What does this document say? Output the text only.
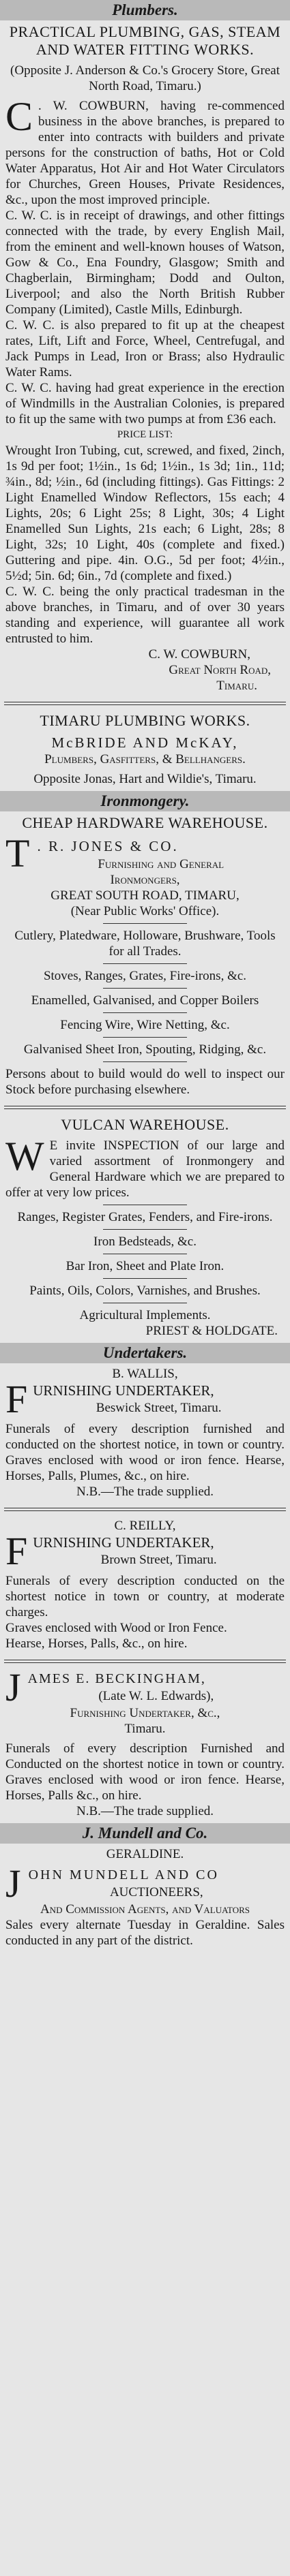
Plumbers.
PRACTICAL PLUMBING, GAS, STEAM AND WATER FITTING WORKS.

(Opposite J. Anderson & Co.'s Grocery Store, Great North Road, Timaru.)

C . W. COWBURN, having re-commenced business in the above branches, is prepared to enter into contracts with builders and private persons for the construction of baths, Hot or Cold Water Apparatus, Hot Air and Hot Water Circulators for Churches, Green Houses, Private Residences, &c., upon the most improved principle.

C. W. C. is in receipt of drawings, and other fittings connected with the trade, by every English Mail, from the eminent and well-known houses of Watson, Gow & Co., Ena Foundry, Glasgow; Smith and Chagberlain, Birmingham; Dodd and Oulton, Liverpool; and also the North British Rubber Company (Limited), Castle Mills, Edinburgh.

C. W. C. is also prepared to fit up at the cheapest rates, Lift, Lift and Force, Wheel, Centrefugal, and Jack Pumps in Lead, Iron or Brass; also Hydraulic Water Rams.

C. W. C. having had great experience in the erection of Windmills in the Australian Colonies, is prepared to fit up the same with two pumps at from £36 each.

PRICE LIST:

Wrought Iron Tubing, cut, screwed, and fixed, 2inch, 1s 9d per foot; 1½in., 1s 6d; 1½in., 1s 3d; 1in., 11d; ¾in., 8d; ½in., 6d (including fittings). Gas Fittings: 2 Light Enamelled Window Reflectors, 15s each; 4 Lights, 20s; 6 Light 25s; 8 Light, 30s; 4 Light Enamelled Sun Lights, 21s each; 6 Light, 28s; 8 Light, 32s; 10 Light, 40s (complete and fixed.) Guttering and pipe. 4in. O.G., 5d per foot; 4½in., 5½d; 5in. 6d; 6in., 7d (complete and fixed.)

C. W. C. being the only practical tradesman in the above branches, in Timaru, and of over 30 years standing and experience, will guarantee all work entrusted to him.

C. W. COWBURN,

Great North Road,

Timaru.

TIMARU PLUMBING WORKS.
McBRIDE AND McKAY,

Plumbers, Gasfitters, & Bellhangers.

Opposite Jonas, Hart and Wildie's, Timaru.

Ironmongery.
CHEAP HARDWARE WAREHOUSE.
T . R. JONES & CO.

Furnishing and General

Ironmongers,

GREAT SOUTH ROAD, TIMARU,

(Near Public Works' Office).

Cutlery, Platedware, Holloware, Brushware, Tools for all Trades.

Stoves, Ranges, Grates, Fire-irons, &c.

Enamelled, Galvanised, and Copper Boilers

Fencing Wire, Wire Netting, &c.

Galvanised Sheet Iron, Spouting, Ridging, &c.

Persons about to build would do well to inspect our Stock before purchasing elsewhere.

VULCAN WAREHOUSE.

W E invite INSPECTION of our large and varied assortment of Ironmongery and General Hardware which we are prepared to offer at very low prices.

Ranges, Register Grates, Fenders, and Fire-irons.

Iron Bedsteads, &c.

Bar Iron, Sheet and Plate Iron.

Paints, Oils, Colors, Varnishes, and Brushes.

Agricultural Implements.

PRIEST & HOLDGATE.

Undertakers.

B. WALLIS,

FURNISHING UNDERTAKER,

Beswick Street, Timaru.

Funerals of every description furnished and conducted on the shortest notice, in town or country. Graves enclosed with wood or iron fence. Hearse, Horses, Palls, Plumes, &c., on hire.

N.B.—The trade supplied.

C. REILLY,

FURNISHING UNDERTAKER,

Brown Street, Timaru.

Funerals of every description conducted on the shortest notice in town or country, at moderate charges.

Graves enclosed with Wood or Iron Fence.

Hearse, Horses, Palls, &c., on hire.

JAMES E. BECKINGHAM,

(Late W. L. Edwards),

Furnishing Undertaker, &c.,

Timaru.

Funerals of every description Furnished and Conducted on the shortest notice in town or country. Graves enclosed with wood or iron fence. Hearse, Horses, Palls &c., on hire.

N.B.—The trade supplied.

J. Mundell and Co.

GERALDINE.

JOHN MUNDELL AND CO

AUCTIONEERS,

And Commission Agents, and Valuators

Sales every alternate Tuesday in Geraldine. Sales conducted in any part of the district.
